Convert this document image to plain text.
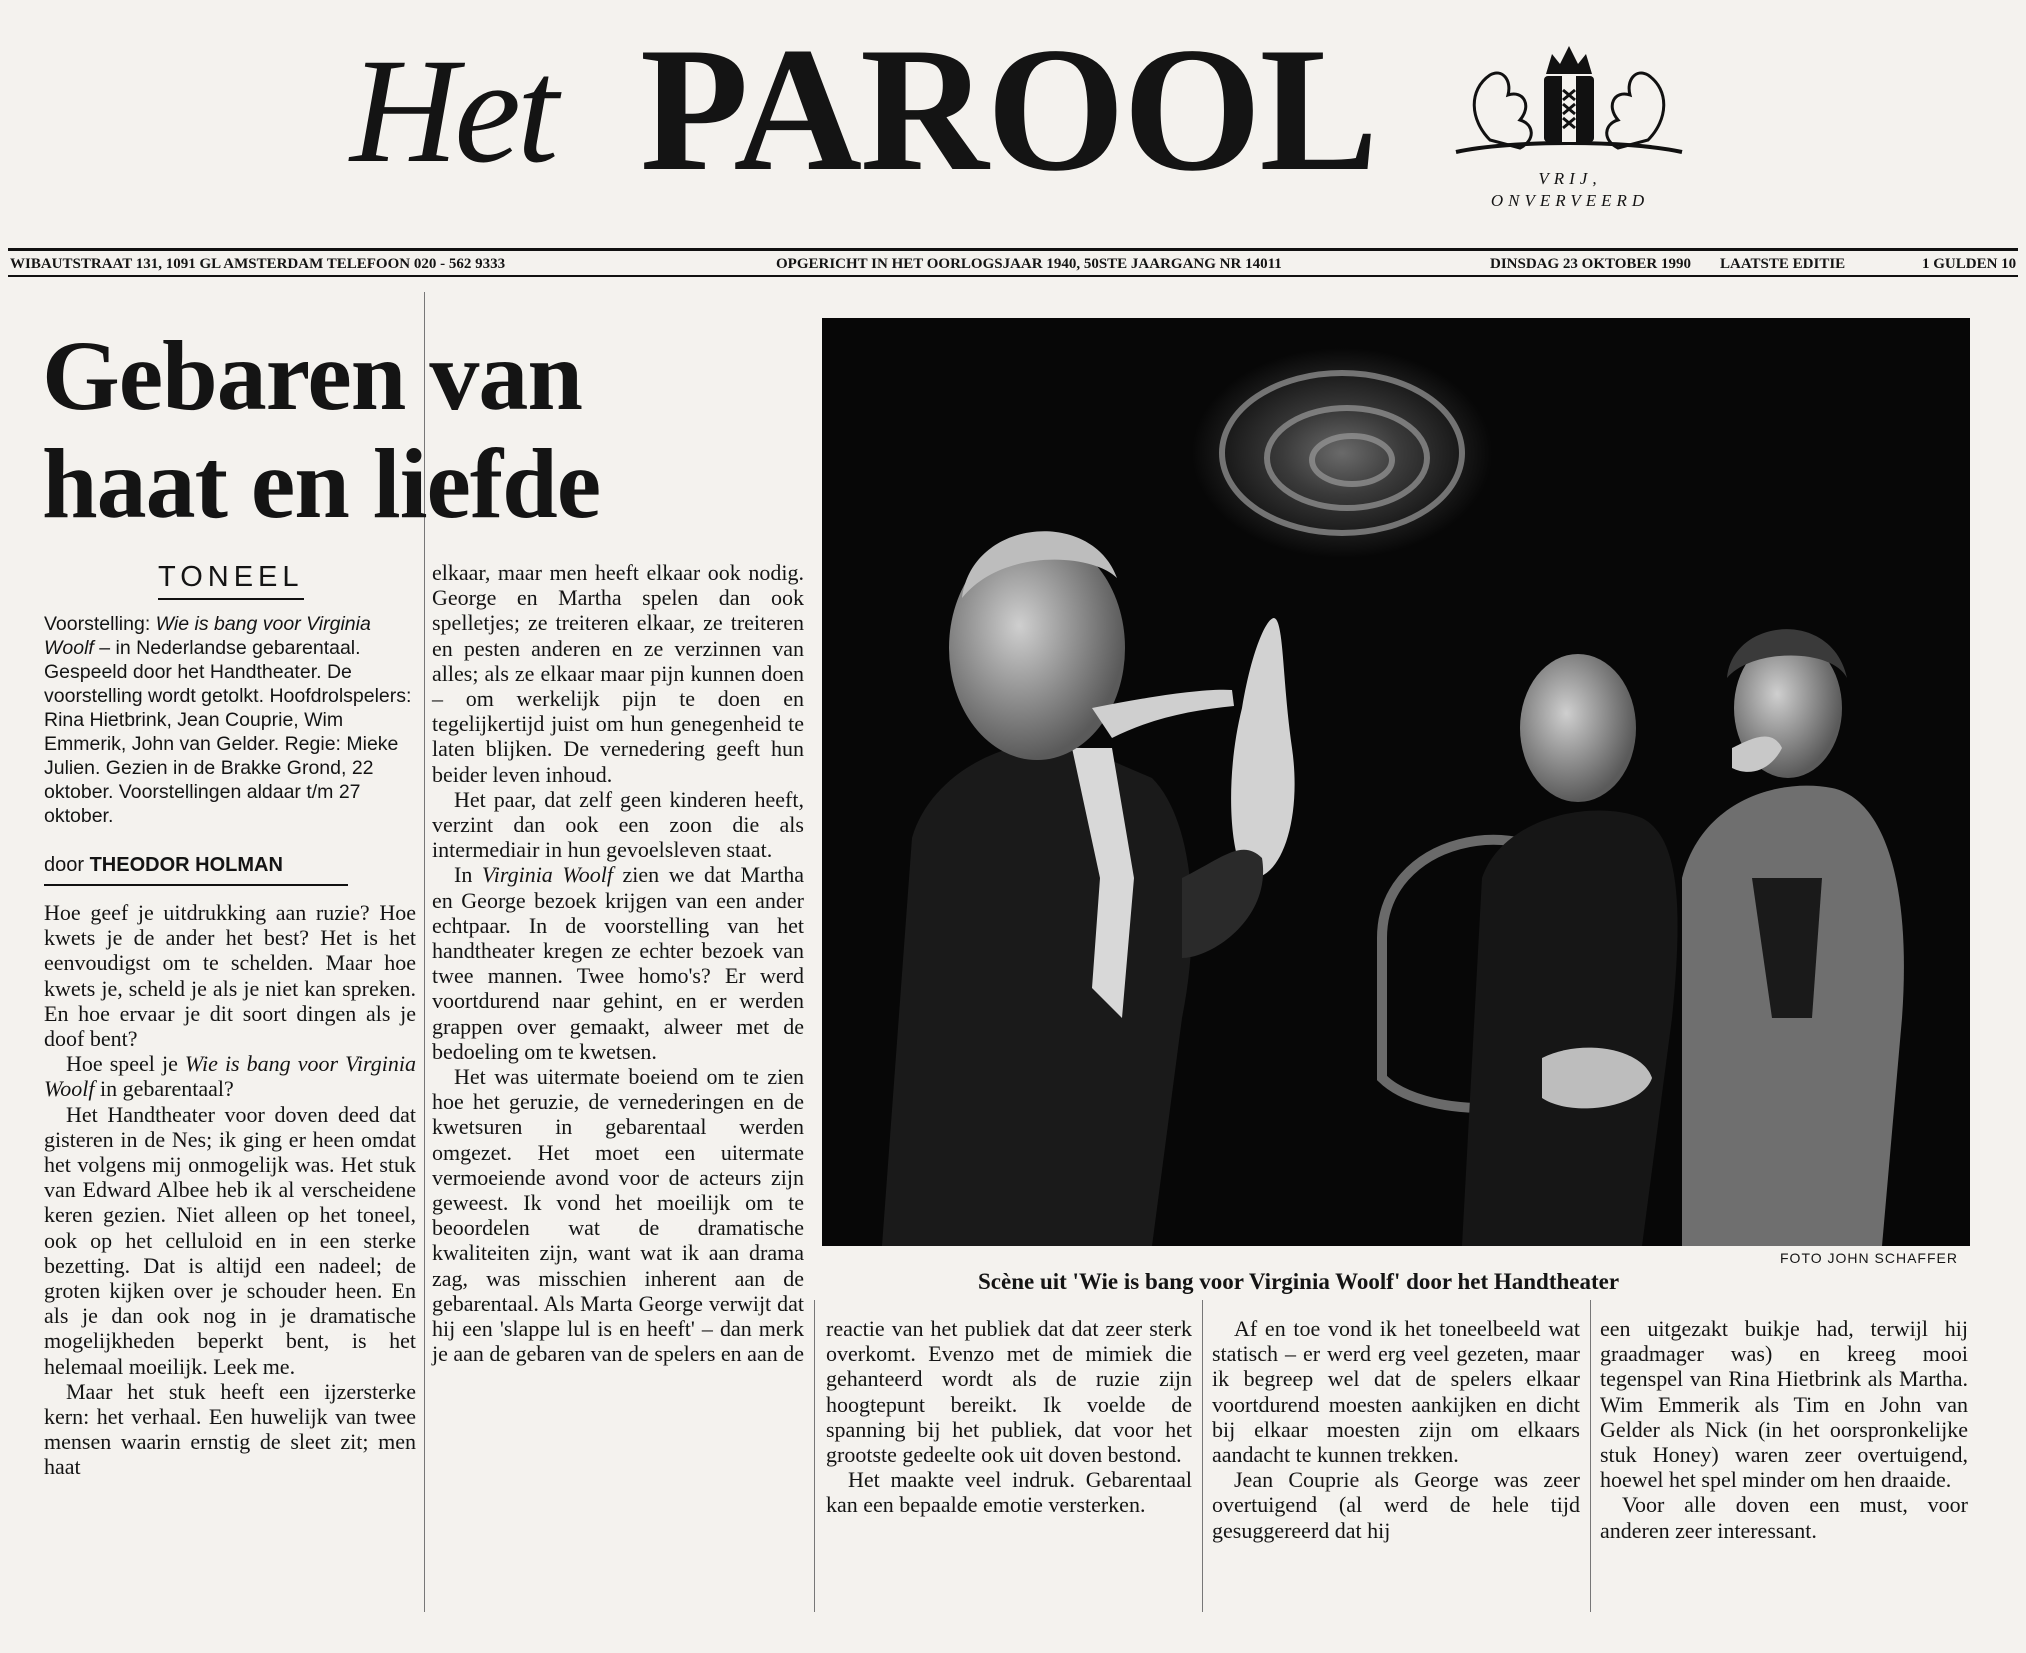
Het PAROOL	VRIJ,
ONVERVEERD
WIBAUTSTRAAT 131, 1091 GL AMSTERDAM TELEFOON 020 - 562 9333	OPGERICHT IN HET OORLOGSJAAR 1940, 50STE JAARGANG NR 14011	DINSDAG 23 OKTOBER 1990 LAATSTE EDITIE	1 GULDEN 10
Gebaren van
haat en liefde
TONEEL
Voorstelling: Wie is bang voor Virginia Woolf – in Nederlandse gebarentaal. Gespeeld door het Handtheater. De voorstelling wordt getolkt. Hoofdrolspelers: Rina Hietbrink, Jean Couprie, Wim Emmerik, John van Gelder. Regie: Mieke Julien. Gezien in de Brakke Grond, 22 oktober. Voorstellingen aldaar t/m 27 oktober.
door THEODOR HOLMAN

Hoe geef je uitdrukking aan ruzie? Hoe kwets je de ander het best? Het is het eenvoudigst om te schelden. Maar hoe kwets je, scheld je als je niet kan spreken. En hoe ervaar je dit soort dingen als je doof bent?

Hoe speel je Wie is bang voor Virginia Woolf in gebarentaal?

Het Handtheater voor doven deed dat gisteren in de Nes; ik ging er heen omdat het volgens mij onmogelijk was. Het stuk van Edward Albee heb ik al verscheidene keren gezien. Niet alleen op het toneel, ook op het celluloid en in een sterke bezetting. Dat is altijd een nadeel; de groten kijken over je schouder heen. En als je dan ook nog in je dramatische mogelijkheden beperkt bent, is het helemaal moeilijk. Leek me.

Maar het stuk heeft een ijzersterke kern: het verhaal. Een huwelijk van twee mensen waarin ernstig de sleet zit; men haat

elkaar, maar men heeft elkaar ook nodig. George en Martha spelen dan ook spelletjes; ze treiteren elkaar, ze treiteren en pesten anderen en ze verzinnen van alles; als ze elkaar maar pijn kunnen doen – om werkelijk pijn te doen en tegelijkertijd juist om hun genegenheid te laten blijken. De vernedering geeft hun beider leven inhoud.

Het paar, dat zelf geen kinderen heeft, verzint dan ook een zoon die als intermediair in hun gevoelsleven staat.

In Virginia Woolf zien we dat Martha en George bezoek krijgen van een ander echtpaar. In de voorstelling van het handtheater kregen ze echter bezoek van twee mannen. Twee homo's? Er werd voortdurend naar gehint, en er werden grappen over gemaakt, alweer met de bedoeling om te kwetsen.

Het was uitermate boeiend om te zien hoe het geruzie, de vernederingen en de kwetsuren in gebarentaal werden omgezet. Het moet een uitermate vermoeiende avond voor de acteurs zijn geweest. Ik vond het moeilijk om te beoordelen wat de dramatische kwaliteiten zijn, want wat ik aan drama zag, was misschien inherent aan de gebarentaal. Als Marta George verwijt dat hij een 'slappe lul is en heeft' – dan merk je aan de gebaren van de spelers en aan de

FOTO JOHN SCHAFFER
Scène uit 'Wie is bang voor Virginia Woolf' door het Handtheater

reactie van het publiek dat dat zeer sterk overkomt. Evenzo met de mimiek die gehanteerd wordt als de ruzie zijn hoogtepunt bereikt. Ik voelde de spanning bij het publiek, dat voor het grootste gedeelte ook uit doven bestond.

Het maakte veel indruk. Gebarentaal kan een bepaalde emotie versterken.

Af en toe vond ik het toneelbeeld wat statisch – er werd erg veel gezeten, maar ik begreep wel dat de spelers elkaar voortdurend moesten aankijken en dicht bij elkaar moesten zijn om elkaars aandacht te kunnen trekken.

Jean Couprie als George was zeer overtuigend (al werd de hele tijd gesuggereerd dat hij

een uitgezakt buikje had, terwijl hij graadmager was) en kreeg mooi tegenspel van Rina Hietbrink als Martha. Wim Emmerik als Tim en John van Gelder als Nick (in het oorspronkelijke stuk Honey) waren zeer overtuigend, hoewel het spel minder om hen draaide.

Voor alle doven een must, voor anderen zeer interessant.
